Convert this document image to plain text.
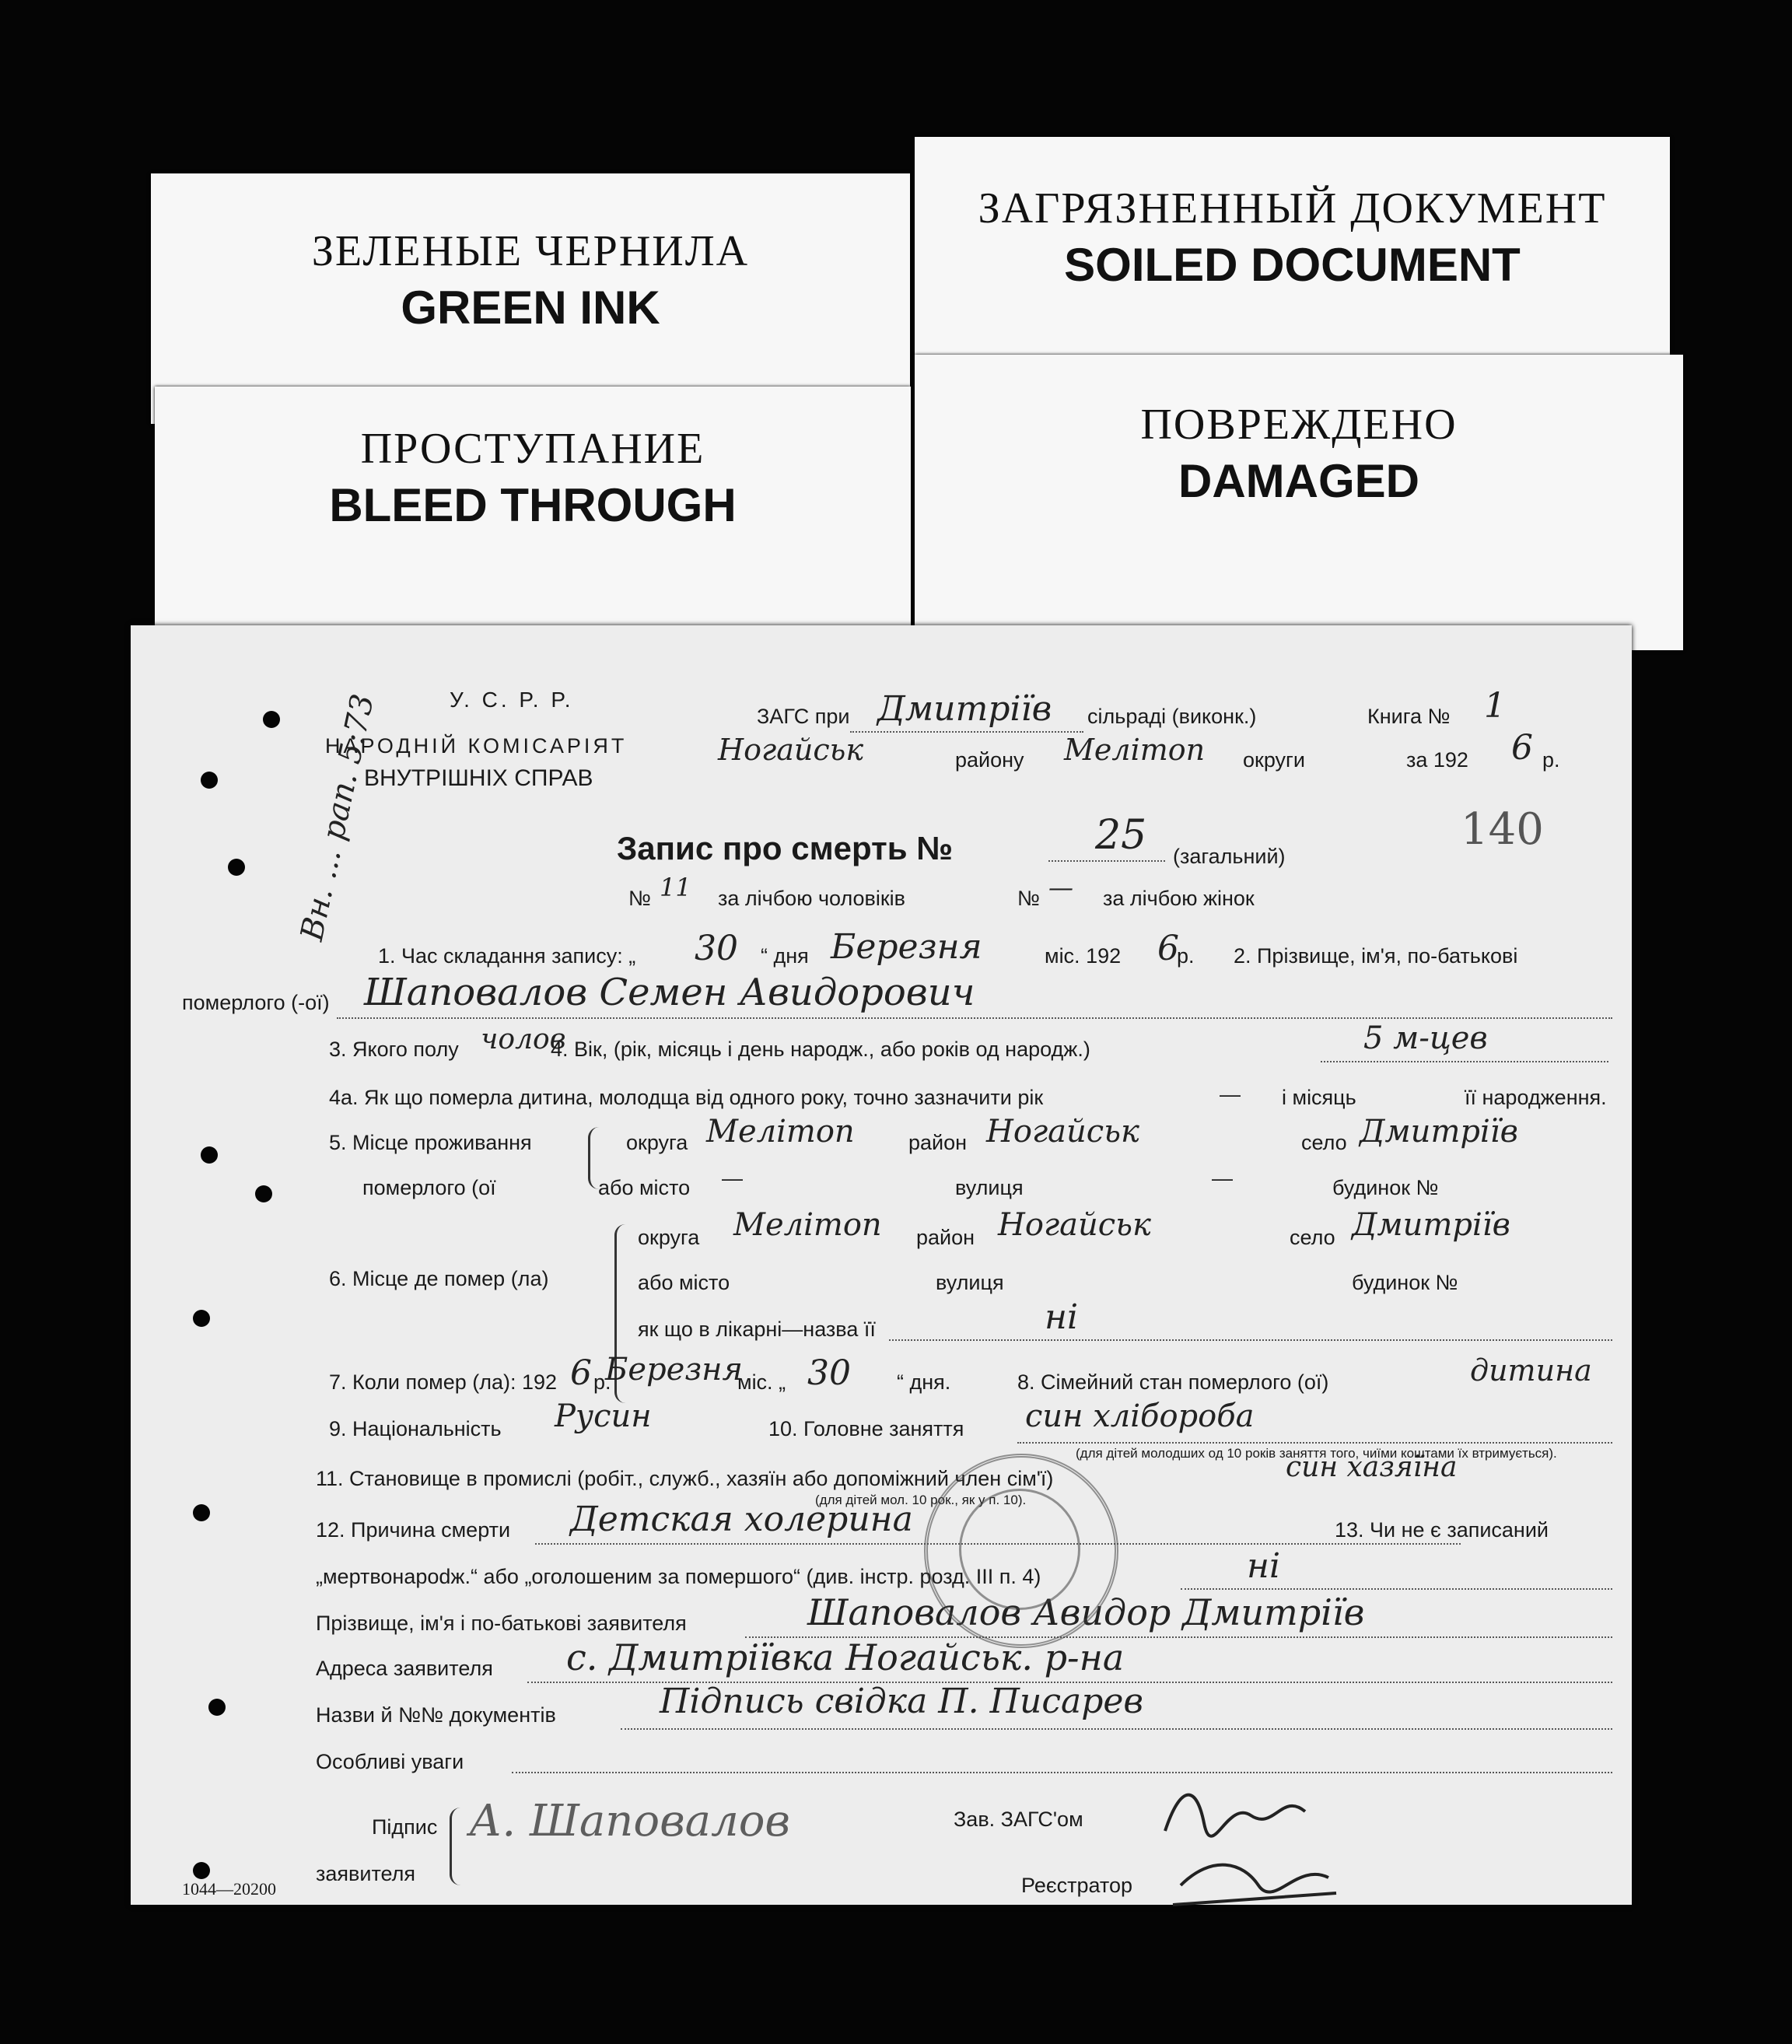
ЗЕЛЕНЫЕ ЧЕРНИЛА
GREEN INK
ЗАГРЯЗНЕННЫЙ ДОКУМЕНТ
SOILED DOCUMENT
ПРОСТУПАНИЕ
BLEED THROUGH
ПОВРЕЖДЕНО
DAMAGED
У. С. Р. Р.
НАРОДНІЙ КОМІСАРІЯТ
ВНУТРІШНІХ СПРАВ
ЗАГС при Дмитріїв сільраді (виконк.)	Книга № 1
Ногайськ	району Мелітоп округи	за 192 6 р.
Вн. ... рап. 5:73	140
Запис про смерть №	25 (загальний)
№ 11 за лічбою чоловіків	№ — за лічбою жінок
1. Час складання запису: „ 30 “ дня Березня	міс. 192 6
р. 2. Прізвище, ім'я, по-батькові
померлого (-ої) Шаповалов Семен Авидорович
3. Якого полу чолов
4. Вік, (рік, місяць і день народж., або років од народж.)	5 м-цев
4а. Як що померла дитина, молодща від одного року, точно зазначити рік	— і місяць	її народження.
5. Місце проживання
померлого (ої
округа Мелітоп	район Ногайськ	село Дмитріїв
або місто —	вулиця	—	будинок №
6. Місце де помер (ла)
округа Мелітоп район Ногайськ	село Дмитріїв
або місто	вулиця	будинок №
як що в лікарні—назва її	ні
7. Коли помер (ла): 192 6 р.
Березня
міс. „ 30 “ дня.	8. Сімейний стан померлого (ої)	дитина
9. Національність Русин	10. Головне заняття син хлібороба
(для дітей молодших од 10 років заняття того, чиїми коштами їх втримується).
11. Становище в промислі (робіт., служб., хазяїн або допоміжний член сім'ї)	син хазяїна
(для дітей мол. 10 рок., як у п. 10).
12. Причина смерти Детская холерина	13. Чи не є записаний
„мертвонарodж.“ або „оголошеним за помершого“ (див. інстр. розд. III п. 4)	ні
Прізвище, ім'я і по-батькові заявителя	Шаповалов Авидор Дмитріїв
Адреса заявителя с. Дмитріївка Ногайськ. р-на
Назви й №№ документів	Підпись свідка П. Писарев
Особливі уваги
Підпис
заявителя
А. Шаповалов	Зав. ЗАГС'ом
Реєстратор
1044—20200
